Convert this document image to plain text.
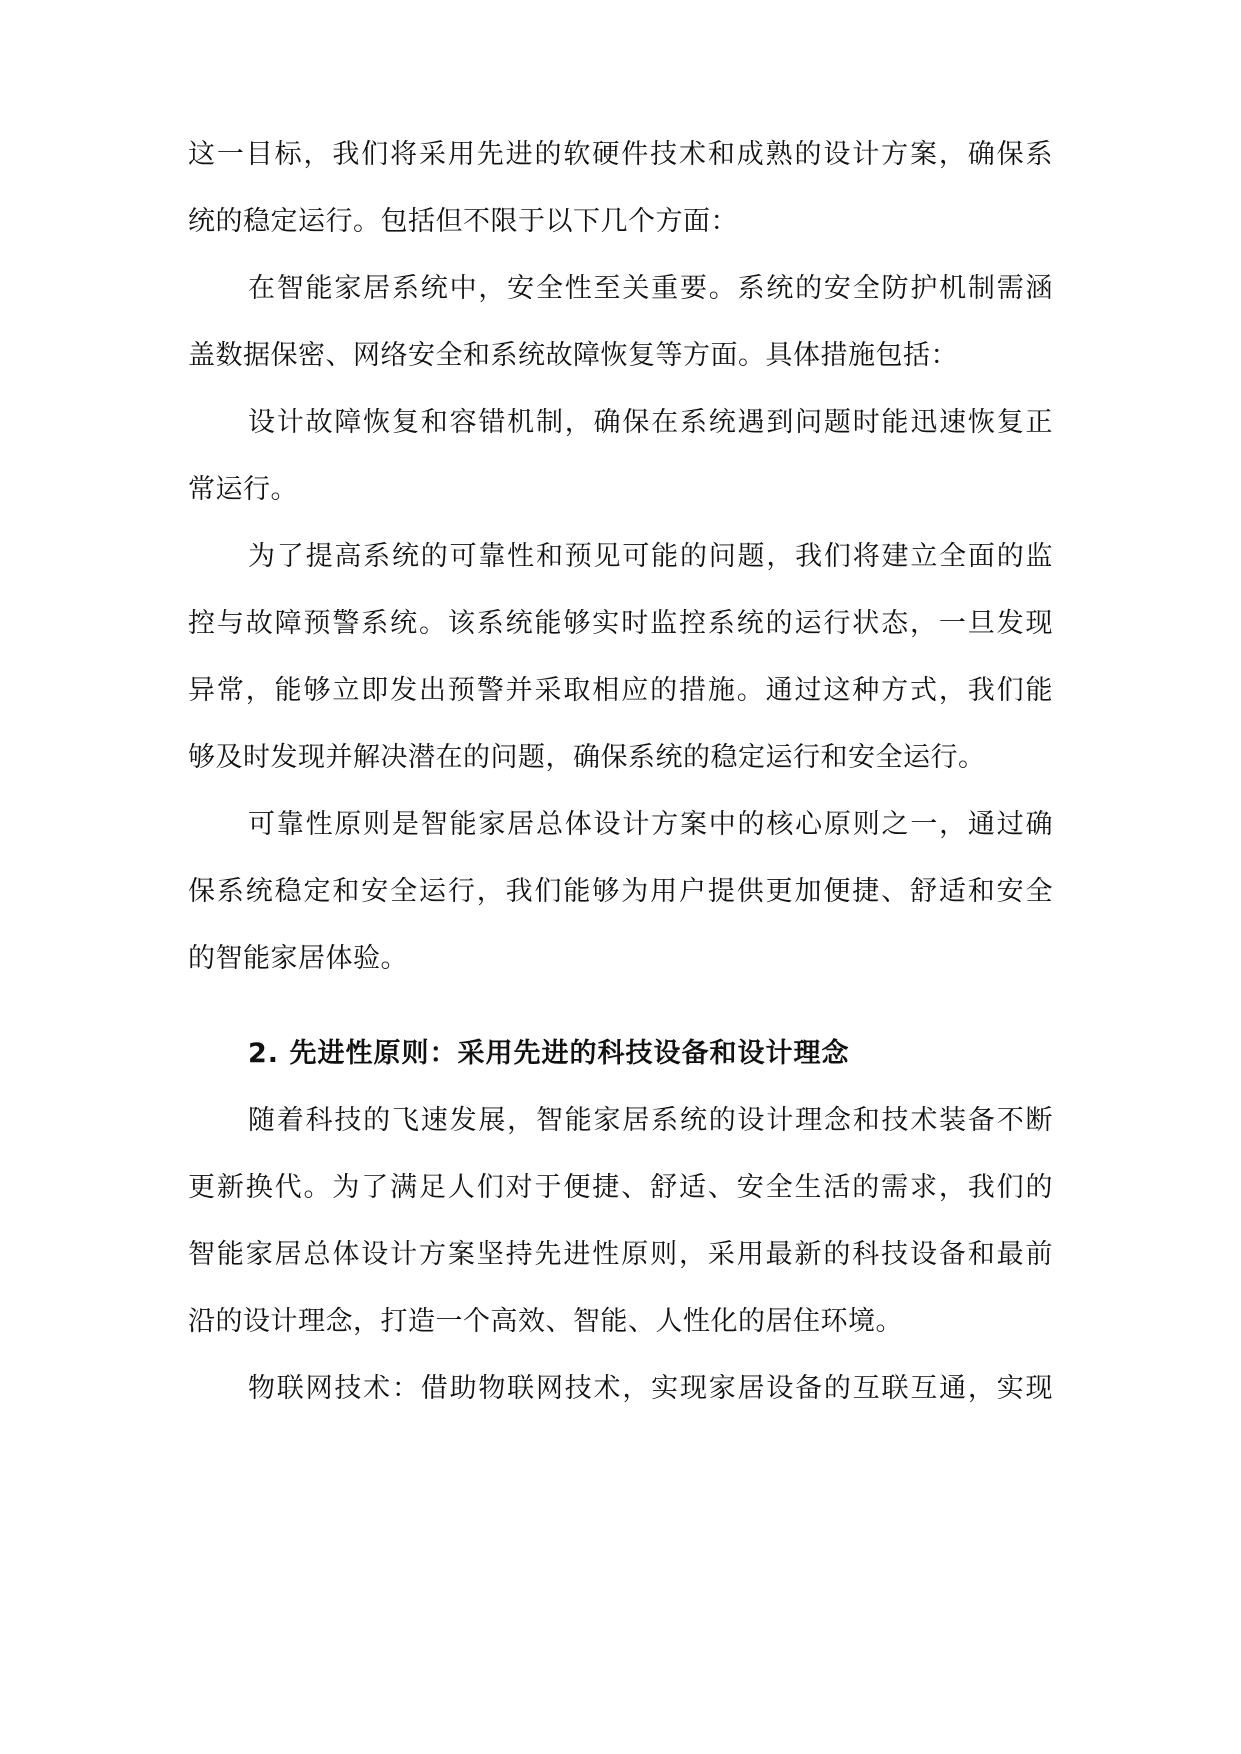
这一目标，我们将采用先进的软硬件技术和成熟的设计方案，确保系
统的稳定运行。包括但不限于以下几个方面：
在智能家居系统中，安全性至关重要。系统的安全防护机制需涵
盖数据保密、网络安全和系统故障恢复等方面。具体措施包括：
设计故障恢复和容错机制，确保在系统遇到问题时能迅速恢复正
常运行。
为了提高系统的可靠性和预见可能的问题，我们将建立全面的监
控与故障预警系统。该系统能够实时监控系统的运行状态，一旦发现
异常，能够立即发出预警并采取相应的措施。通过这种方式，我们能
够及时发现并解决潜在的问题，确保系统的稳定运行和安全运行。
可靠性原则是智能家居总体设计方案中的核心原则之一，通过确
保系统稳定和安全运行，我们能够为用户提供更加便捷、舒适和安全
的智能家居体验。
2. 先进性原则：采用先进的科技设备和设计理念
随着科技的飞速发展，智能家居系统的设计理念和技术装备不断
更新换代。为了满足人们对于便捷、舒适、安全生活的需求，我们的
智能家居总体设计方案坚持先进性原则，采用最新的科技设备和最前
沿的设计理念，打造一个高效、智能、人性化的居住环境。
物联网技术：借助物联网技术，实现家居设备的互联互通，实现
